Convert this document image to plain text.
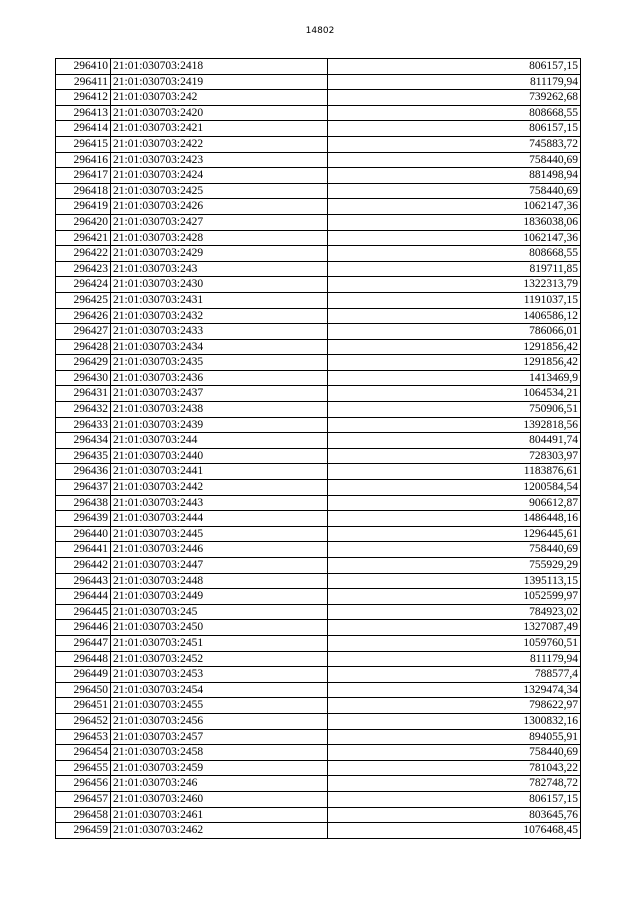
14802
296410	21:01:030703:2418	806157,15
296411	21:01:030703:2419	811179,94
296412	21:01:030703:242	739262,68
296413	21:01:030703:2420	808668,55
296414	21:01:030703:2421	806157,15
296415	21:01:030703:2422	745883,72
296416	21:01:030703:2423	758440,69
296417	21:01:030703:2424	881498,94
296418	21:01:030703:2425	758440,69
296419	21:01:030703:2426	1062147,36
296420	21:01:030703:2427	1836038,06
296421	21:01:030703:2428	1062147,36
296422	21:01:030703:2429	808668,55
296423	21:01:030703:243	819711,85
296424	21:01:030703:2430	1322313,79
296425	21:01:030703:2431	1191037,15
296426	21:01:030703:2432	1406586,12
296427	21:01:030703:2433	786066,01
296428	21:01:030703:2434	1291856,42
296429	21:01:030703:2435	1291856,42
296430	21:01:030703:2436	1413469,9
296431	21:01:030703:2437	1064534,21
296432	21:01:030703:2438	750906,51
296433	21:01:030703:2439	1392818,56
296434	21:01:030703:244	804491,74
296435	21:01:030703:2440	728303,97
296436	21:01:030703:2441	1183876,61
296437	21:01:030703:2442	1200584,54
296438	21:01:030703:2443	906612,87
296439	21:01:030703:2444	1486448,16
296440	21:01:030703:2445	1296445,61
296441	21:01:030703:2446	758440,69
296442	21:01:030703:2447	755929,29
296443	21:01:030703:2448	1395113,15
296444	21:01:030703:2449	1052599,97
296445	21:01:030703:245	784923,02
296446	21:01:030703:2450	1327087,49
296447	21:01:030703:2451	1059760,51
296448	21:01:030703:2452	811179,94
296449	21:01:030703:2453	788577,4
296450	21:01:030703:2454	1329474,34
296451	21:01:030703:2455	798622,97
296452	21:01:030703:2456	1300832,16
296453	21:01:030703:2457	894055,91
296454	21:01:030703:2458	758440,69
296455	21:01:030703:2459	781043,22
296456	21:01:030703:246	782748,72
296457	21:01:030703:2460	806157,15
296458	21:01:030703:2461	803645,76
296459	21:01:030703:2462	1076468,45
